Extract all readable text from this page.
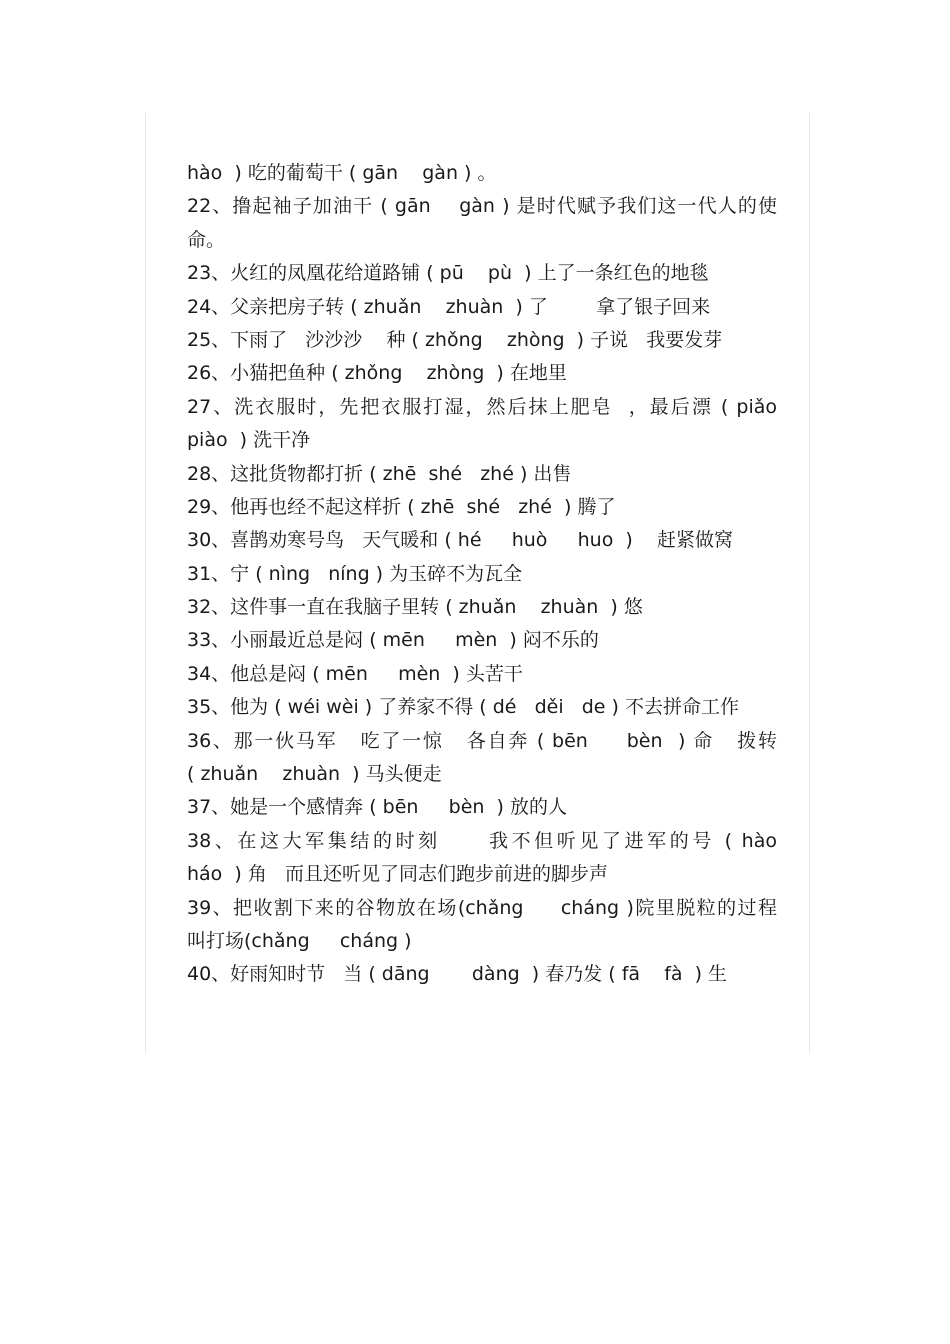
hào  ) 吃的葡萄干 ( gān    gàn ) 。
22、撸起袖子加油干 ( gān    gàn ) 是时代赋予我们这一代人的使
命。
23、火红的凤凰花给道路铺 ( pū    pù  ) 上了一条红色的地毯
24、父亲把房子转 ( zhuǎn    zhuàn  ) 了        拿了银子回来
25、下雨了   沙沙沙    种 ( zhǒng    zhòng  ) 子说   我要发芽
26、小猫把鱼种 ( zhǒng    zhòng  ) 在地里
27、洗衣服时，先把衣服打湿，然后抹上肥皂  ，最后漂 ( piǎo
piào  ) 洗干净
28、这批货物都打折 ( zhē  shé   zhé ) 出售
29、他再也经不起这样折 ( zhē  shé   zhé  ) 腾了
30、喜鹊劝寒号鸟   天气暖和 ( hé     huò     huo  )    赶紧做窝
31、宁 ( nìng   níng ) 为玉碎不为瓦全
32、这件事一直在我脑子里转 ( zhuǎn    zhuàn  ) 悠
33、小丽最近总是闷 ( mēn     mèn  ) 闷不乐的
34、他总是闷 ( mēn     mèn  ) 头苦干
35、他为 ( wéi wèi ) 了养家不得 ( dé   děi   de ) 不去拼命工作
36、那一伙马军   吃了一惊   各自奔 ( bēn     bèn  ) 命   拨转
( zhuǎn    zhuàn  ) 马头便走
37、她是一个感情奔 ( bēn     bèn  ) 放的人
38、在这大军集结的时刻     我不但听见了进军的号 ( hào
háo  ) 角   而且还听见了同志们跑步前进的脚步声
39、把收割下来的谷物放在场(chǎng     cháng )院里脱粒的过程
叫打场(chǎng     cháng )
40、好雨知时节   当 ( dāng       dàng  ) 春乃发 ( fā    fà  ) 生
